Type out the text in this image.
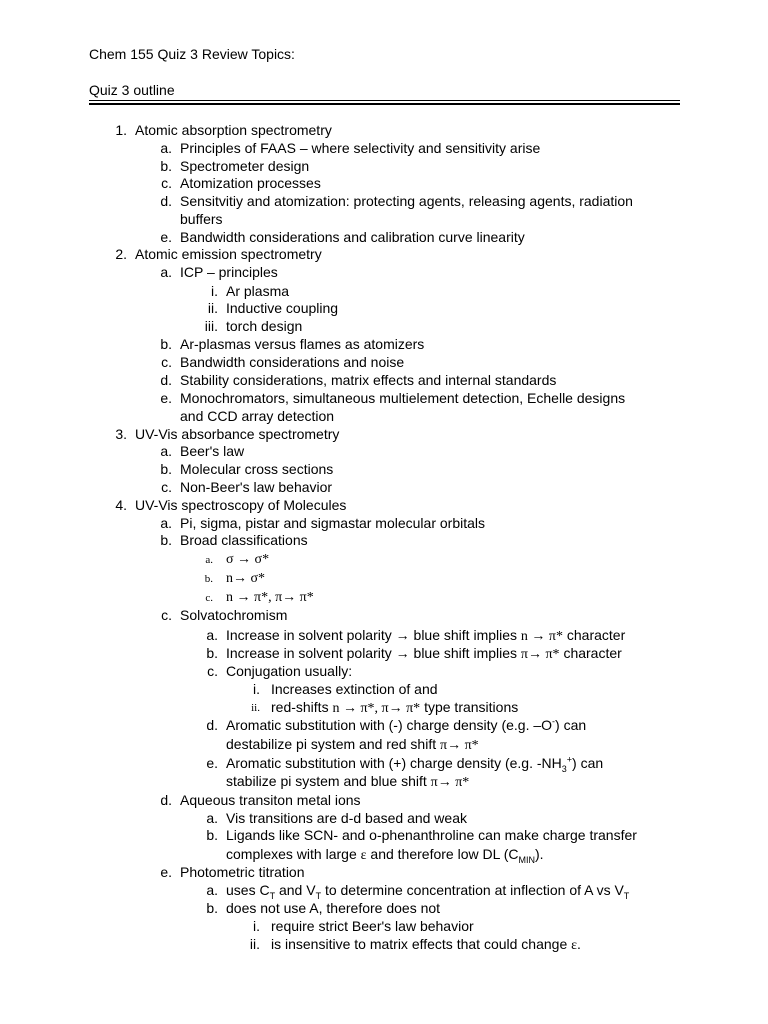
Chem 155 Quiz 3 Review Topics:
Quiz 3 outline
1. Atomic absorption spectrometry
a. Principles of FAAS – where selectivity and sensitivity arise
b. Spectrometer design
c. Atomization processes
d. Sensitvitiy and atomization: protecting agents, releasing agents, radiation
buffers
e. Bandwidth considerations and calibration curve linearity
2. Atomic emission spectrometry
a. ICP – principles
i. Ar plasma
ii. Inductive coupling
iii. torch design
b. Ar-plasmas versus flames as atomizers
c. Bandwidth considerations and noise
d. Stability considerations, matrix effects and internal standards
e. Monochromators, simultaneous multielement detection, Echelle designs
and CCD array detection
3. UV-Vis absorbance spectrometry
a. Beer's law
b. Molecular cross sections
c. Non-Beer's law behavior
4. UV-Vis spectroscopy of Molecules
a. Pi, sigma, pistar and sigmastar molecular orbitals
b. Broad classifications
a. σ → σ*
b. n→ σ*
c. n → π*, π→ π*
c. Solvatochromism
a. Increase in solvent polarity → blue shift implies n → π* character
b. Increase in solvent polarity → blue shift implies π→ π* character
c. Conjugation usually:
i. Increases extinction of and
ii. red-shifts n → π*, π→ π* type transitions
d. Aromatic substitution with (-) charge density (e.g. –O-) can
destabilize pi system and red shift π→ π*
e. Aromatic substitution with (+) charge density (e.g. $-NH_3^+$) can
stabilize pi system and blue shift π→ π*
d. Aqueous transiton metal ions
a. Vis transitions are d-d based and weak
b. Ligands like SCN- and o-phenanthroline can make charge transfer
complexes with large ε and therefore low DL $(C_{MIN})$.
e. Photometric titration
a. uses $C_T$ and $V_T$ to determine concentration at inflection of A vs $V_T$
b. does not use A, therefore does not
i. require strict Beer's law behavior
ii. is insensitive to matrix effects that could change ε.
